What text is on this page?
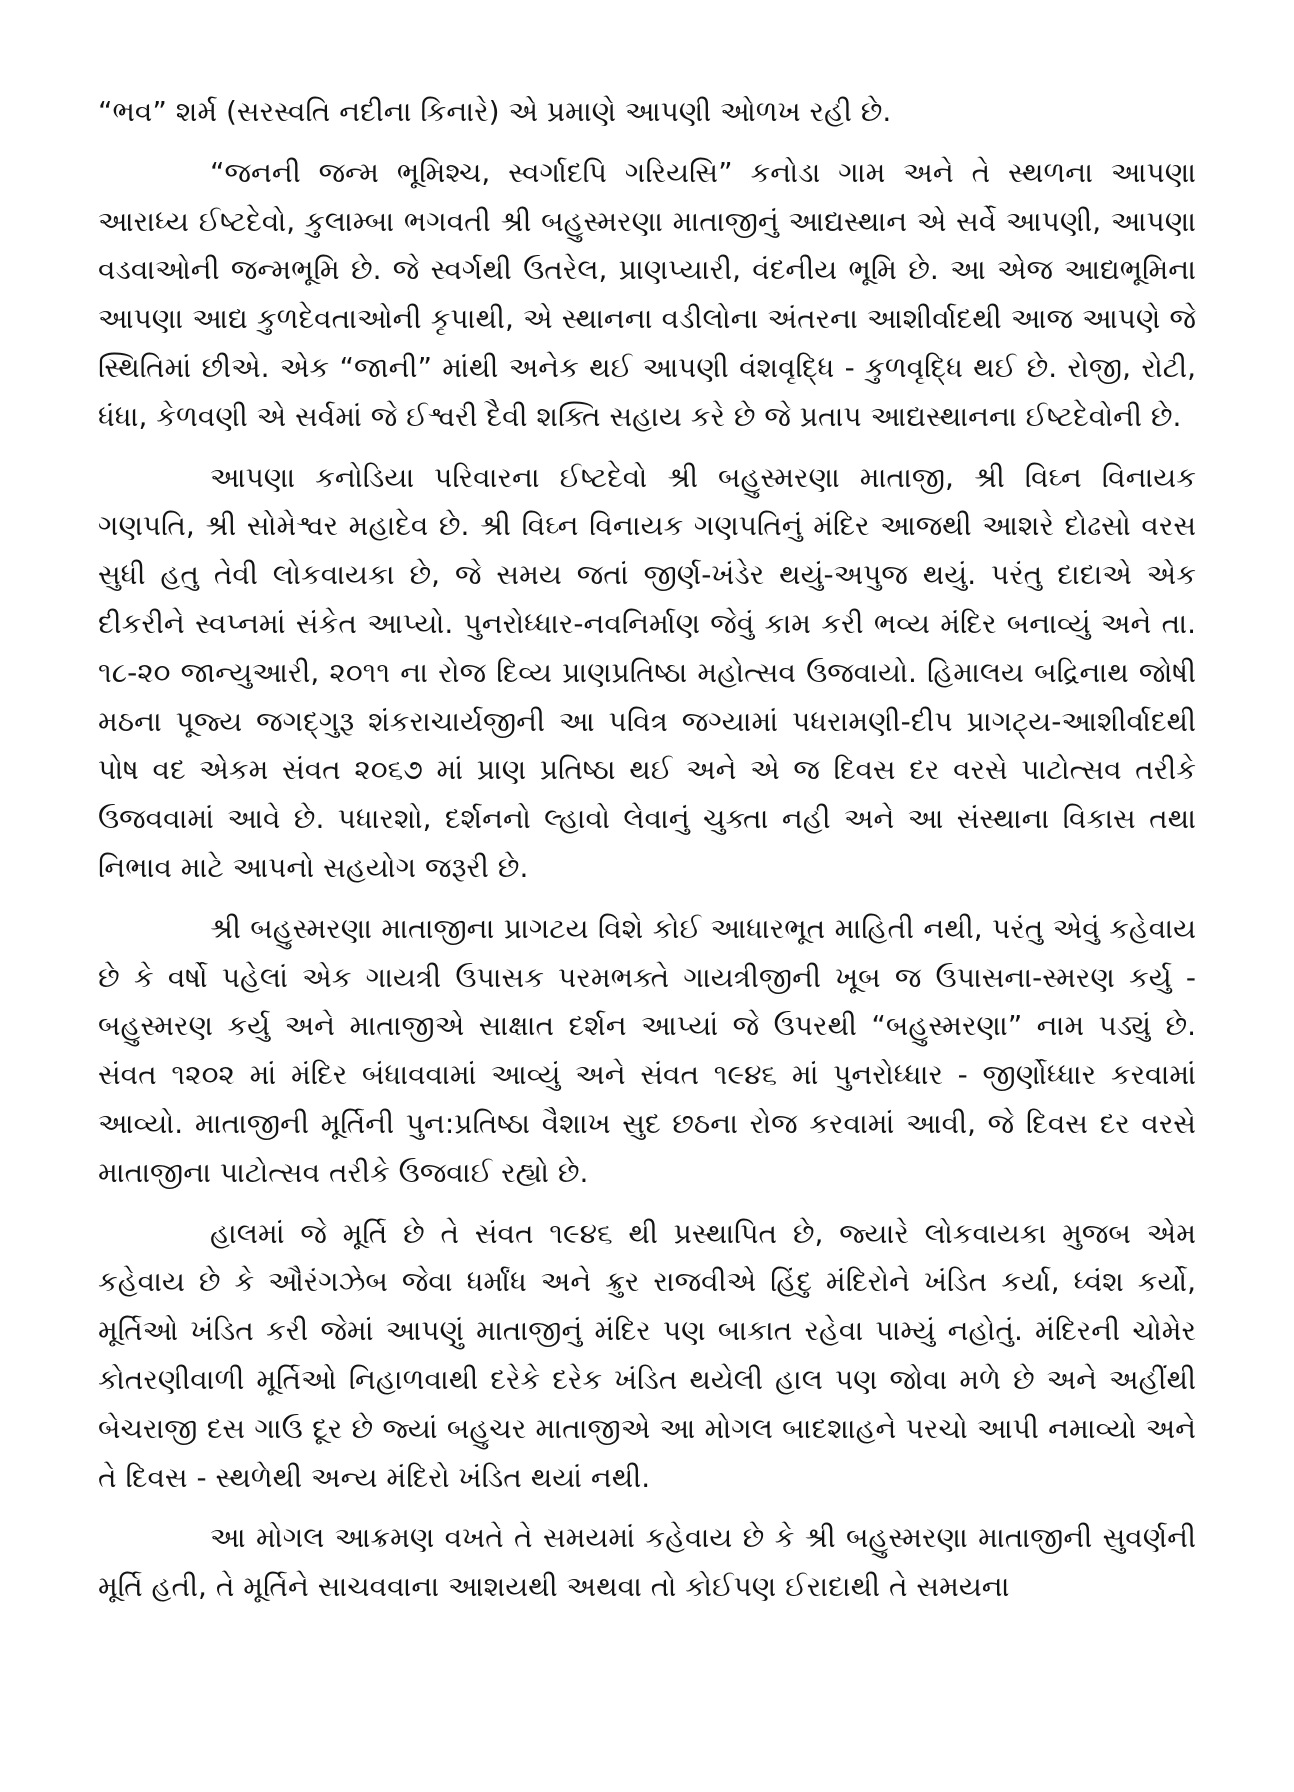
“ભવ” શર્મ (સરસ્વતિ નદીના કિનારે) એ પ્રમાણે આપણી ઓળખ રહી છે.

“જનની જન્મ ભૂમિશ્ચ, સ્વર્ગાદપિ ગરિયસિ” કનોડા ગામ અને તે સ્થળના આપણા આરાધ્ય ઈષ્ટદેવો, કુલામ્બા ભગવતી શ્રી બહુસ્મરણા માતાજીનું આદ્યસ્થાન એ સર્વે આપણી, આપણા વડવાઓની જન્મભૂમિ છે. જે સ્વર્ગથી ઉતરેલ, પ્રાણપ્યારી, વંદનીય ભૂમિ છે. આ એજ આદ્યભૂમિના આપણા આદ્ય કુળદેવતાઓની કૃપાથી, એ સ્થાનના વડીલોના અંતરના આશીર્વાદથી આજ આપણે જે સ્થિતિમાં છીએ. એક “જાની” માંથી અનેક થઈ આપણી વંશવૃદ્ધિ - કુળવૃદ્ધિ થઈ છે. રોજી, રોટી, ધંધા, કેળવણી એ સર્વમાં જે ઈશ્વરી દૈવી શક્તિ સહાય કરે છે જે પ્રતાપ આદ્યસ્થાનના ઈષ્ટદેવોની છે.

આપણા કનોડિયા પરિવારના ઈષ્ટદેવો શ્રી બહુસ્મરણા માતાજી, શ્રી વિઘ્ન વિનાયક ગણપતિ, શ્રી સોમેશ્વર મહાદેવ છે. શ્રી વિઘ્ન વિનાયક ગણપતિનું મંદિર આજથી આશરે દોઢસો વરસ સુધી હતુ તેવી લોકવાયકા છે, જે સમય જતાં જીર્ણ-ખંડેર થયું-અપુજ થયું. પરંતુ દાદાએ એક દીકરીને સ્વપ્નમાં સંકેત આપ્યો. પુનરોધ્ધાર-નવનિર્માણ જેવું કામ કરી ભવ્ય મંદિર બનાવ્યું અને તા. ૧૮-૨૦ જાન્યુઆરી, ૨૦૧૧ ના રોજ દિવ્ય પ્રાણપ્રતિષ્ઠા મહોત્સવ ઉજવાયો. હિમાલય બદ્રિનાથ જોષી મઠના પૂજ્ય જગદ્ગુરૂ શંકરાચાર્યજીની આ પવિત્ર જગ્યામાં પધરામણી-દીપ પ્રાગટ્ય-આશીર્વાદથી પોષ વદ એકમ સંવત ૨૦૬૭ માં પ્રાણ પ્રતિષ્ઠા થઈ અને એ જ દિવસ દર વરસે પાટોત્સવ તરીકે ઉજવવામાં આવે છે. પધારશો, દર્શનનો લ્હાવો લેવાનું ચુક્તા નહી અને આ સંસ્થાના વિકાસ તથા નિભાવ માટે આપનો સહયોગ જરૂરી છે.

શ્રી બહુસ્મરણા માતાજીના પ્રાગટય વિશે કોઈ આધારભૂત માહિતી નથી, પરંતુ એવું કહેવાય છે કે વર્ષો પહેલાં એક ગાયત્રી ઉપાસક પરમભક્તે ગાયત્રીજીની ખૂબ જ ઉપાસના-સ્મરણ કર્યુ - બહુસ્મરણ કર્યુ અને માતાજીએ સાક્ષાત દર્શન આપ્યાં જે ઉપરથી “બહુસ્મરણા” નામ પડ્યું છે. સંવત ૧૨૦૨ માં મંદિર બંધાવવામાં આવ્યું અને સંવત ૧૯૪૬ માં પુનરોધ્ધાર - જીર્ણોધ્ધાર કરવામાં આવ્યો. માતાજીની મૂર્તિની પુન:પ્રતિષ્ઠા વૈશાખ સુદ છઠના રોજ કરવામાં આવી, જે દિવસ દર વરસે માતાજીના પાટોત્સવ તરીકે ઉજવાઈ રહ્યો છે.

હાલમાં જે મૂર્તિ છે તે સંવત ૧૯૪૬ થી પ્રસ્થાપિત છે, જ્યારે લોકવાયકા મુજબ એમ કહેવાય છે કે ઔરંગઝેબ જેવા ધર્માંધ અને ક્રુર રાજવીએ હિંદુ મંદિરોને ખંડિત કર્યા, ધ્વંશ કર્યો, મૂર્તિઓ ખંડિત કરી જેમાં આપણું માતાજીનું મંદિર પણ બાકાત રહેવા પામ્યું નહોતું. મંદિરની ચોમેર કોતરણીવાળી મૂર્તિઓ નિહાળવાથી દરેકે દરેક ખંડિત થયેલી હાલ પણ જોવા મળે છે અને અહીંથી બેચરાજી દસ ગાઉ દૂર છે જ્યાં બહુચર માતાજીએ આ મોગલ બાદશાહને પરચો આપી નમાવ્યો અને તે દિવસ - સ્થળેથી અન્ય મંદિરો ખંડિત થયાં નથી.

આ મોગલ આક્રમણ વખતે તે સમયમાં કહેવાય છે કે શ્રી બહુસ્મરણા માતાજીની સુવર્ણની મૂર્તિ હતી, તે મૂર્તિને સાચવવાના આશયથી અથવા તો કોઈપણ ઈરાદાથી તે સમયના
